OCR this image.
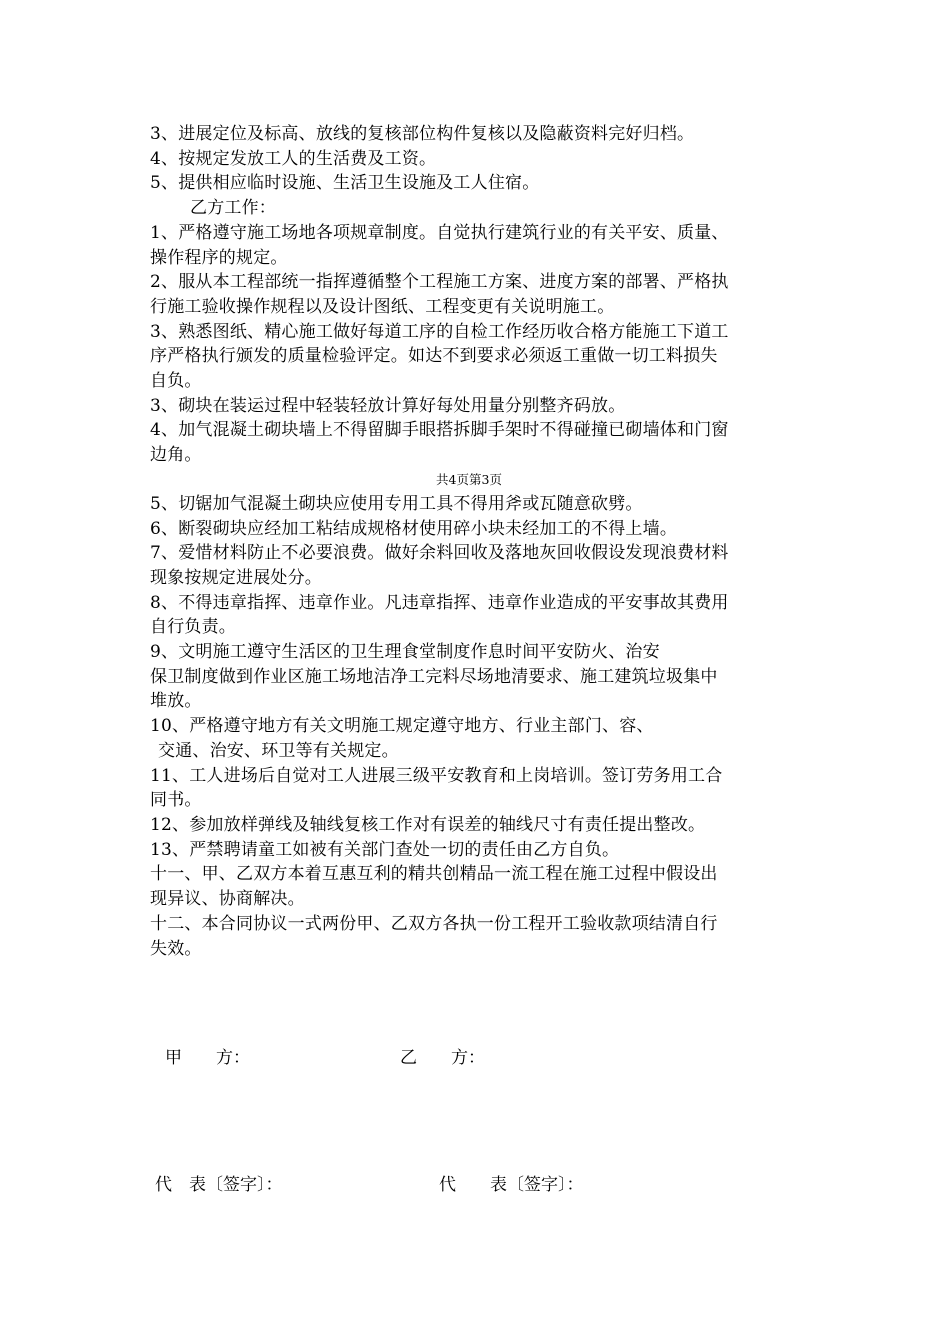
3、进展定位及标高、放线的复核部位构件复核以及隐蔽资料完好归档。
4、按规定发放工人的生活费及工资。
5、提供相应临时设施、生活卫生设施及工人住宿。
乙方工作：
1、严格遵守施工场地各项规章制度。自觉执行建筑行业的有关平安、质量、
操作程序的规定。
2、服从本工程部统一指挥遵循整个工程施工方案、进度方案的部署、严格执
行施工验收操作规程以及设计图纸、工程变更有关说明施工。
3、熟悉图纸、精心施工做好每道工序的自检工作经历收合格方能施工下道工
序严格执行颁发的质量检验评定。如达不到要求必须返工重做一切工料损失
自负。
3、砌块在装运过程中轻装轻放计算好每处用量分别整齐码放。
4、加气混凝土砌块墙上不得留脚手眼搭拆脚手架时不得碰撞已砌墙体和门窗
边角。
共4页第3页
5、切锯加气混凝土砌块应使用专用工具不得用斧或瓦随意砍劈。
6、断裂砌块应经加工粘结成规格材使用碎小块未经加工的不得上墙。
7、爱惜材料防止不必要浪费。做好余料回收及落地灰回收假设发现浪费材料
现象按规定进展处分。
8、不得违章指挥、违章作业。凡违章指挥、违章作业造成的平安事故其费用
自行负责。
9、文明施工遵守生活区的卫生理食堂制度作息时间平安防火、治安
保卫制度做到作业区施工场地洁净工完料尽场地清要求、施工建筑垃圾集中
堆放。
10、严格遵守地方有关文明施工规定遵守地方、行业主部门、容、
交通、治安、环卫等有关规定。
11、工人进场后自觉对工人进展三级平安教育和上岗培训。签订劳务用工合
同书。
12、参加放样弹线及轴线复核工作对有误差的轴线尺寸有责任提出整改。
13、严禁聘请童工如被有关部门查处一切的责任由乙方自负。
十一、甲、乙双方本着互惠互利的精共创精品一流工程在施工过程中假设出
现异议、协商解决。
十二、本合同协议一式两份甲、乙双方各执一份工程开工验收款项结清自行
失效。
甲　　方：	乙　　方：
代　表〔签字〕：	代　　表〔签字〕：
